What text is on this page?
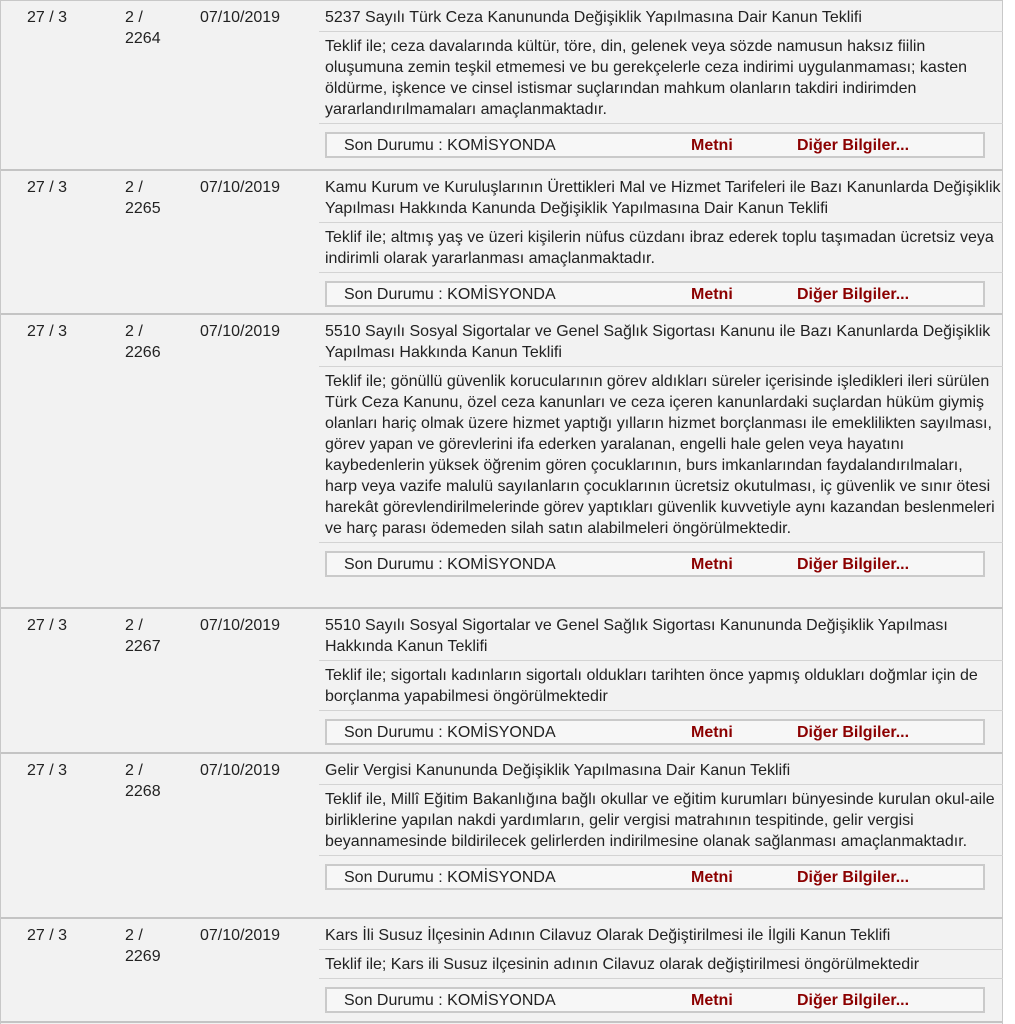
27 / 3	2 /
2264
07/10/2019	5237 Sayılı Türk Ceza Kanununda Değişiklik Yapılmasına Dair Kanun Teklifi
Teklif ile; ceza davalarında kültür, töre, din, gelenek veya sözde namusun haksız fiilin oluşumuna zemin teşkil etmemesi ve bu gerekçelerle ceza indirimi uygulanmaması; kasten öldürme, işkence ve cinsel istismar suçlarından mahkum olanların takdiri indirimden yararlandırılmamaları amaçlanmaktadır.
Son Durumu : KOMİSYONDA	Metni	Diğer Bilgiler...
27 / 3	2 /
2265
07/10/2019	Kamu Kurum ve Kuruluşlarının Ürettikleri Mal ve Hizmet Tarifeleri ile Bazı Kanunlarda Değişiklik Yapılması Hakkında Kanunda Değişiklik Yapılmasına Dair Kanun Teklifi
Teklif ile; altmış yaş ve üzeri kişilerin nüfus cüzdanı ibraz ederek toplu taşımadan ücretsiz veya indirimli olarak yararlanması amaçlanmaktadır.
Son Durumu : KOMİSYONDA	Metni	Diğer Bilgiler...
27 / 3	2 /
2266
07/10/2019	5510 Sayılı Sosyal Sigortalar ve Genel Sağlık Sigortası Kanunu ile Bazı Kanunlarda Değişiklik Yapılması Hakkında Kanun Teklifi
Teklif ile; gönüllü güvenlik korucularının görev aldıkları süreler içerisinde işledikleri ileri sürülen Türk Ceza Kanunu, özel ceza kanunları ve ceza içeren kanunlardaki suçlardan hüküm giymiş olanları hariç olmak üzere hizmet yaptığı yılların hizmet borçlanması ile emeklilikten sayılması, görev yapan ve görevlerini ifa ederken yaralanan, engelli hale gelen veya hayatını kaybedenlerin yüksek öğrenim gören çocuklarının, burs imkanlarından faydalandırılmaları, harp veya vazife malulü sayılanların çocuklarının ücretsiz okutulması, iç güvenlik ve sınır ötesi harekât görevlendirilmelerinde görev yaptıkları güvenlik kuvvetiyle aynı kazandan beslenmeleri ve harç parası ödemeden silah satın alabilmeleri öngörülmektedir.
Son Durumu : KOMİSYONDA	Metni	Diğer Bilgiler...
27 / 3	2 /
2267
07/10/2019	5510 Sayılı Sosyal Sigortalar ve Genel Sağlık Sigortası Kanununda Değişiklik Yapılması Hakkında Kanun Teklifi
Teklif ile; sigortalı kadınların sigortalı oldukları tarihten önce yapmış oldukları doğmlar için de borçlanma yapabilmesi öngörülmektedir
Son Durumu : KOMİSYONDA	Metni	Diğer Bilgiler...
27 / 3	2 /
2268
07/10/2019	Gelir Vergisi Kanununda Değişiklik Yapılmasına Dair Kanun Teklifi
Teklif ile, Millî Eğitim Bakanlığına bağlı okullar ve eğitim kurumları bünyesinde kurulan okul-aile birliklerine yapılan nakdi yardımların, gelir vergisi matrahının tespitinde, gelir vergisi beyannamesinde bildirilecek gelirlerden indirilmesine olanak sağlanması amaçlanmaktadır.
Son Durumu : KOMİSYONDA	Metni	Diğer Bilgiler...
27 / 3	2 /
2269
07/10/2019	Kars İli Susuz İlçesinin Adının Cilavuz Olarak Değiştirilmesi ile İlgili Kanun Teklifi
Teklif ile; Kars ili Susuz ilçesinin adının Cilavuz olarak değiştirilmesi öngörülmektedir
Son Durumu : KOMİSYONDA	Metni	Diğer Bilgiler...
